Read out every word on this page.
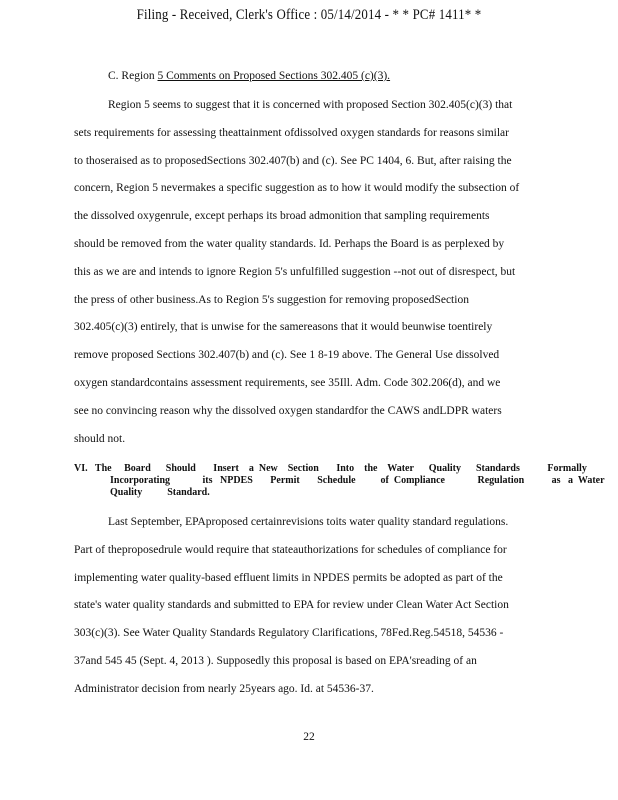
Filing - Received, Clerk's Office : 05/14/2014 - * * PC# 1411* *
C. Region 5 Comments on Proposed Sections 302.405 (c)(3).
Region 5 seems to suggest that it is concerned with proposed Section 302.405(c)(3) that
sets requirements for assessing theattainment ofdissolved oxygen standards for reasons similar
to thoseraised as to proposedSections 302.407(b) and (c). See PC 1404, 6. But, after raising the
concern, Region 5 nevermakes a specific suggestion as to how it would modify the subsection of
the dissolved oxygenrule, except perhaps its broad admonition that sampling requirements
should be removed from the water quality standards. Id. Perhaps the Board is as perplexed by
this as we are and intends to ignore Region 5's unfulfilled suggestion --not out of disrespect, but
the press of other business.As to Region 5's suggestion for removing proposedSection
302.405(c)(3) entirely, that is unwise for the samereasons that it would beunwise toentirely
remove proposed Sections 302.407(b) and (c). See 1 8-19 above. The General Use dissolved
oxygen standardcontains assessment requirements, see 35Ill. Adm. Code 302.206(d), and we
see no convincing reason why the dissolved oxygen standardfor the CAWS andLDPR waters
should not.
VI.   The     Board      Should       Insert    a  New    Section       Into    the    Water      Quality      Standards           Formally
Incorporating             its   NPDES       Permit       Schedule          of  Compliance             Regulation           as   a  Water
Quality          Standard.
Last September, EPAproposed certainrevisions toits water quality standard regulations.
Part of theproposedrule would require that stateauthorizations for schedules of compliance for
implementing water quality-based effluent limits in NPDES permits be adopted as part of the
state's water quality standards and submitted to EPA for review under Clean Water Act Section
303(c)(3). See Water Quality Standards Regulatory Clarifications, 78Fed.Reg.54518, 54536 -
37and 545 45 (Sept. 4, 2013 ). Supposedly this proposal is based on EPA'sreading of an
Administrator decision from nearly 25years ago. Id. at 54536-37.
22
